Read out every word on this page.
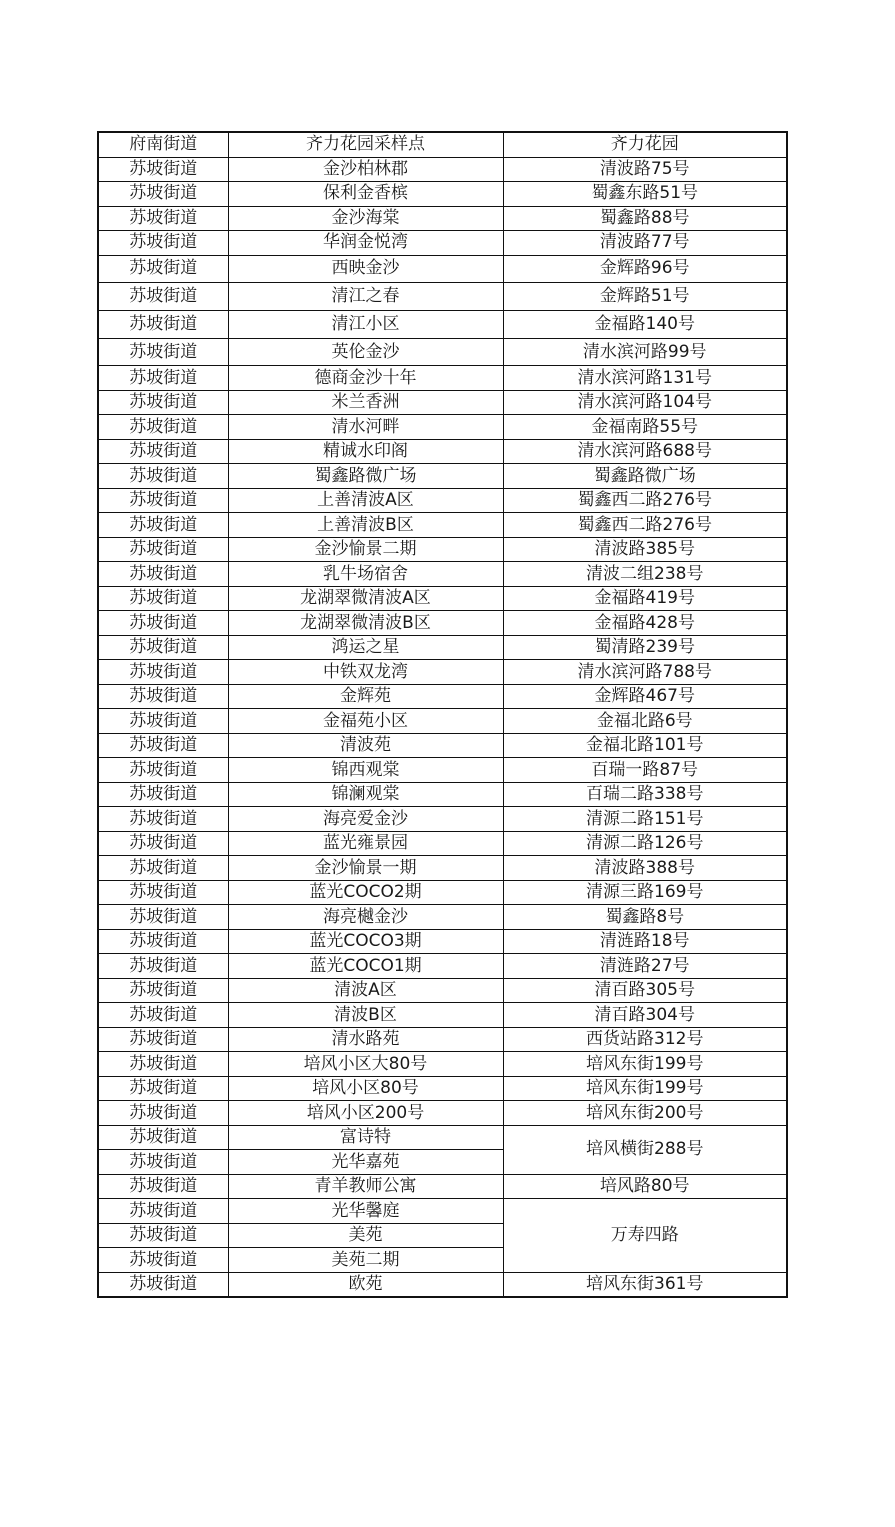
府南街道	齐力花园采样点	齐力花园
苏坡街道	金沙柏林郡	清波路75号
苏坡街道	保利金香槟	蜀鑫东路51号
苏坡街道	金沙海棠	蜀鑫路88号
苏坡街道	华润金悦湾	清波路77号
苏坡街道	西映金沙	金辉路96号
苏坡街道	清江之春	金辉路51号
苏坡街道	清江小区	金福路140号
苏坡街道	英伦金沙	清水滨河路99号
苏坡街道	德商金沙十年	清水滨河路131号
苏坡街道	米兰香洲	清水滨河路104号
苏坡街道	清水河畔	金福南路55号
苏坡街道	精诚水印阁	清水滨河路688号
苏坡街道	蜀鑫路微广场	蜀鑫路微广场
苏坡街道	上善清波A区	蜀鑫西二路276号
苏坡街道	上善清波B区	蜀鑫西二路276号
苏坡街道	金沙愉景二期	清波路385号
苏坡街道	乳牛场宿舍	清波二组238号
苏坡街道	龙湖翠微清波A区	金福路419号
苏坡街道	龙湖翠微清波B区	金福路428号
苏坡街道	鸿运之星	蜀清路239号
苏坡街道	中铁双龙湾	清水滨河路788号
苏坡街道	金辉苑	金辉路467号
苏坡街道	金福苑小区	金福北路6号
苏坡街道	清波苑	金福北路101号
苏坡街道	锦西观棠	百瑞一路87号
苏坡街道	锦澜观棠	百瑞二路338号
苏坡街道	海亮爱金沙	清源二路151号
苏坡街道	蓝光雍景园	清源二路126号
苏坡街道	金沙愉景一期	清波路388号
苏坡街道	蓝光COCO2期	清源三路169号
苏坡街道	海亮樾金沙	蜀鑫路8号
苏坡街道	蓝光COCO3期	清涟路18号
苏坡街道	蓝光COCO1期	清涟路27号
苏坡街道	清波A区	清百路305号
苏坡街道	清波B区	清百路304号
苏坡街道	清水路苑	西货站路312号
苏坡街道	培风小区大80号	培风东街199号
苏坡街道	培风小区80号	培风东街199号
苏坡街道	培风小区200号	培风东街200号
苏坡街道	富诗特	培风横街288号
苏坡街道	光华嘉苑	
苏坡街道	青羊教师公寓	培风路80号
苏坡街道	光华馨庭	万寿四路
苏坡街道	美苑	
苏坡街道	美苑二期	
苏坡街道	欧苑	培风东街361号
